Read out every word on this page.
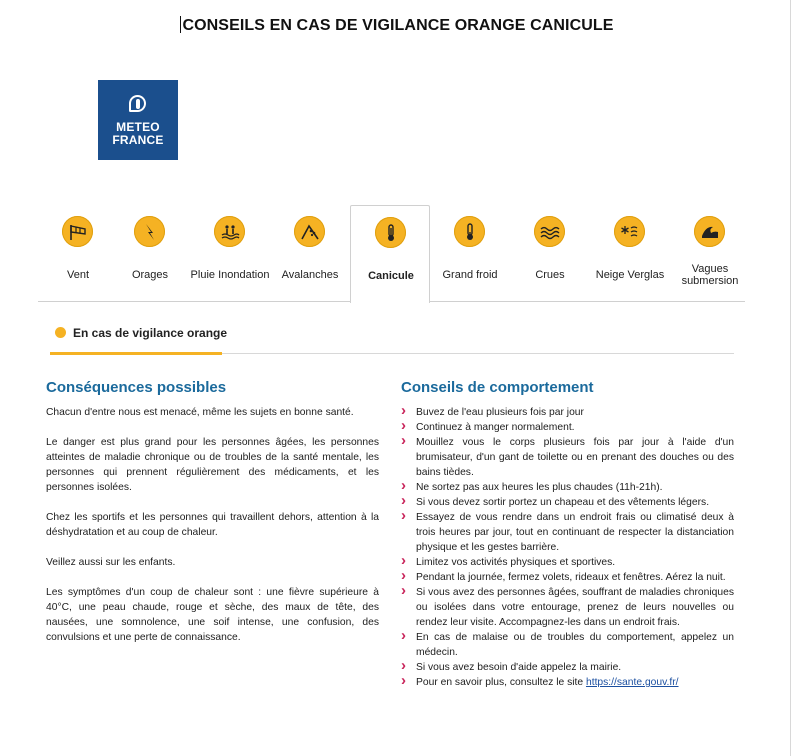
CONSEILS EN CAS DE VIGILANCE ORANGE CANICULE
METEO
FRANCE
Vent	Orages	Pluie Inondation	Avalanches	Canicule	Grand froid	Crues	Neige Verglas	Vagues submersion
En cas de vigilance orange
Conséquences possibles

Chacun d'entre nous est menacé, même les sujets en bonne santé.

Le danger est plus grand pour les personnes âgées, les personnes atteintes de maladie chronique ou de troubles de la santé mentale, les personnes qui prennent régulièrement des médicaments, et les personnes isolées.

Chez les sportifs et les personnes qui travaillent dehors, attention à la déshydratation et au coup de chaleur.

Veillez aussi sur les enfants.

Les symptômes d'un coup de chaleur sont : une fièvre supérieure à 40°C, une peau chaude, rouge et sèche, des maux de tête, des nausées, une somnolence, une soif intense, une confusion, des convulsions et une perte de connaissance.

Conseils de comportement
› Buvez de l'eau plusieurs fois par jour
› Continuez à manger normalement.
› Mouillez vous le corps plusieurs fois par jour à l'aide d'un brumisateur, d'un gant de toilette ou en prenant des douches ou des bains tièdes.
› Ne sortez pas aux heures les plus chaudes (11h-21h).
› Si vous devez sortir portez un chapeau et des vêtements légers.
› Essayez de vous rendre dans un endroit frais ou climatisé deux à trois heures par jour, tout en continuant de respecter la distanciation physique et les gestes barrière.
› Limitez vos activités physiques et sportives.
› Pendant la journée, fermez volets, rideaux et fenêtres. Aérez la nuit.
› Si vous avez des personnes âgées, souffrant de maladies chroniques ou isolées dans votre entourage, prenez de leurs nouvelles ou rendez leur visite. Accompagnez-les dans un endroit frais.
› En cas de malaise ou de troubles du comportement, appelez un médecin.
› Si vous avez besoin d'aide appelez la mairie.
› Pour en savoir plus, consultez le site https://sante.gouv.fr/
